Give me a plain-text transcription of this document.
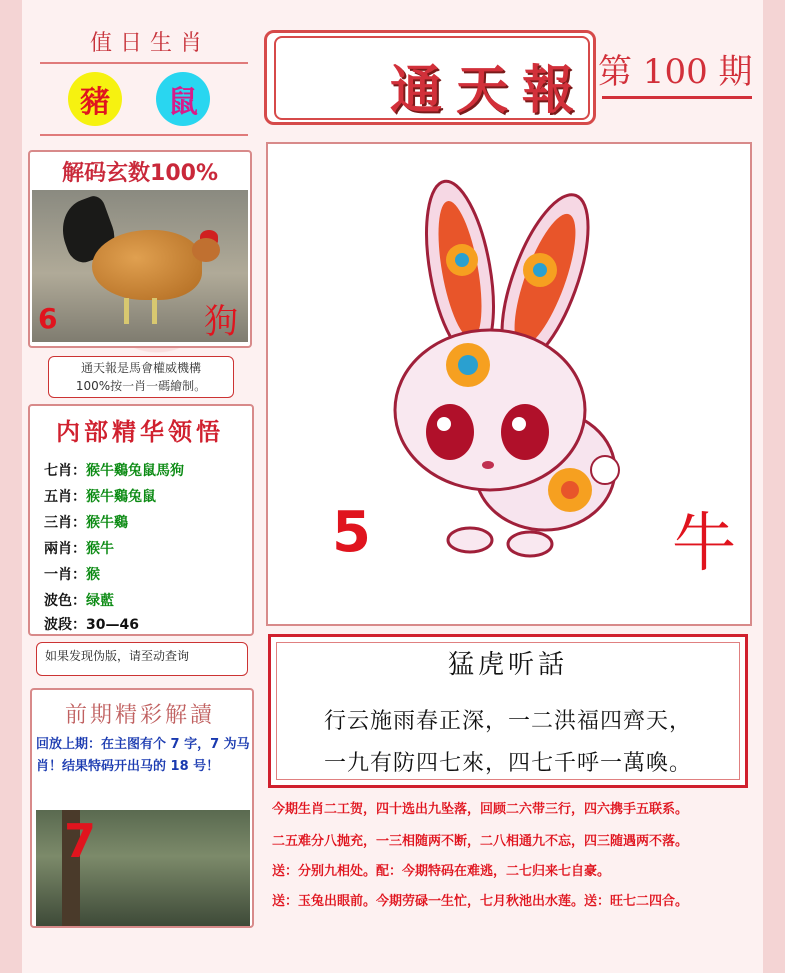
值日生肖
豬	鼠	通天報 第 100 期
解码玄数100%
6	狗
通天報是馬會權威機構
100%按一肖一碼繪制。
内部精华领悟
七肖：猴牛鷄兔鼠馬狗
五肖：猴牛鷄兔鼠
三肖：猴牛鷄
兩肖：猴牛
一肖：猴
波色：绿藍
波段：30—46
如果发现伪版，请至动查询
前期精彩解讀
回放上期：在主图有个 7 字，7 为马肖！结果特码开出马的 18 号！
7
5	牛
猛虎听話
行云施雨春正深，一二洪福四齊天，
一九有防四七來，四七千呼一萬喚。
今期生肖二工贺，四十选出九坠落，回顾二六带三行，四六携手五联系。
二五难分八抛充，一三相随两不断，二八相通九不忘，四三随遇两不落。
送：分别九相处。配：今期特码在难逃，二七归来七自豪。
送：玉兔出眼前。今期劳碌一生忙，七月秋池出水莲。送：旺七二四合。
